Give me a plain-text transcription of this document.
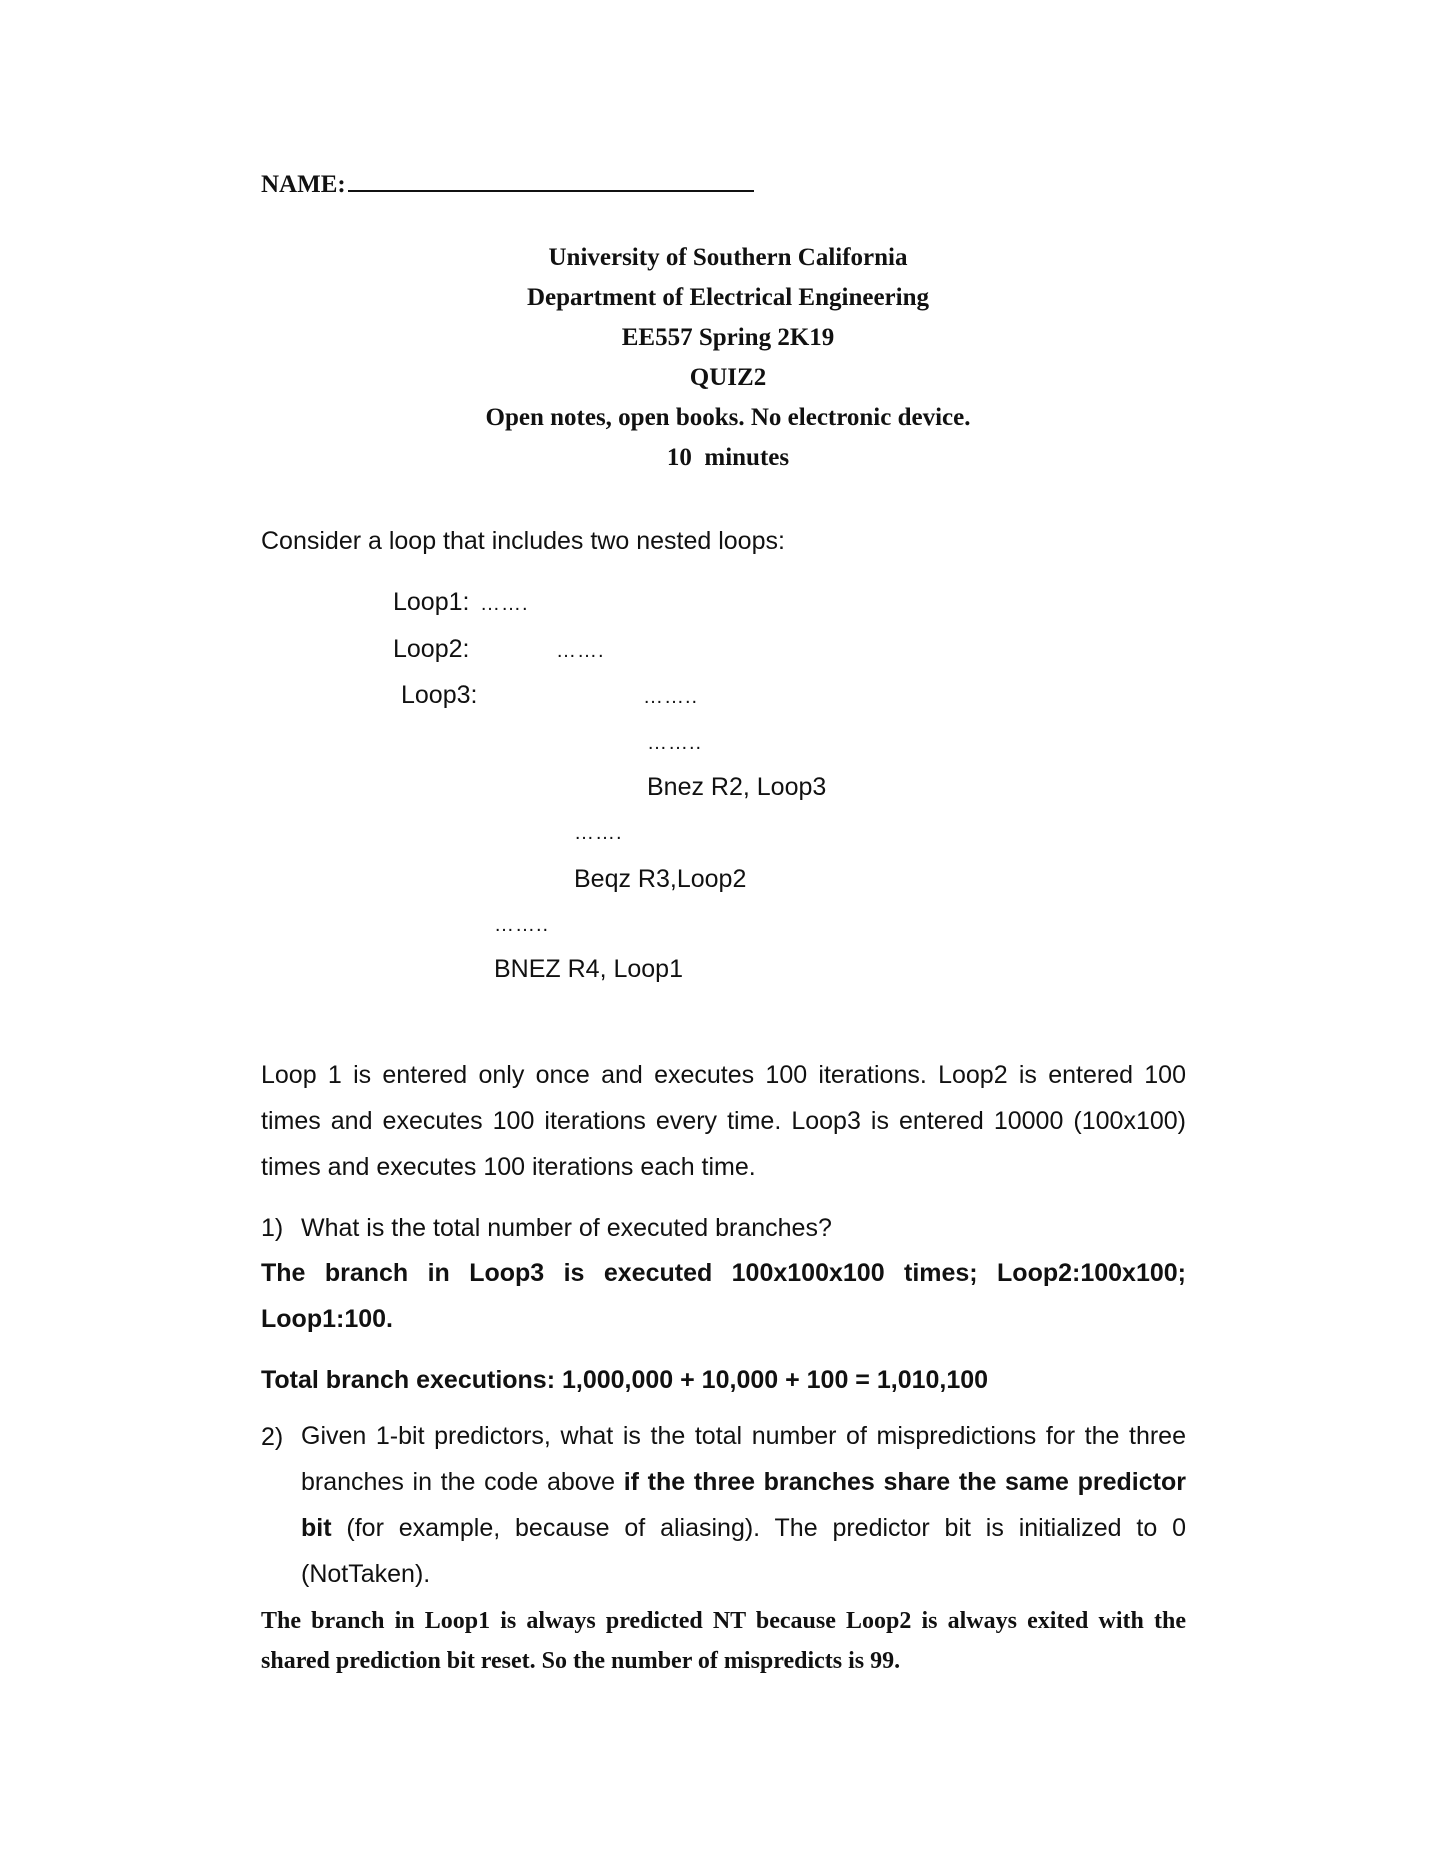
NAME:
University of Southern California
Department of Electrical Engineering
EE557 Spring 2K19
QUIZ2
Open notes, open books. No electronic device.
10  minutes
Consider a loop that includes two nested loops:
Loop1: …….
Loop2:	…….
Loop3:	……..
……..
Bnez R2, Loop3
…….
Beqz R3,Loop2
……..
BNEZ R4, Loop1
Loop 1 is entered only once and executes 100 iterations. Loop2 is entered 100 times and executes 100 iterations every time. Loop3 is entered 10000 (100x100) times and executes 100 iterations each time.
1) What is the total number of executed branches?
The branch in Loop3 is executed 100x100x100 times; Loop2:100x100; Loop1:100.
Total branch executions: 1,000,000 + 10,000 + 100 = 1,010,100
2) Given 1-bit predictors, what is the total number of mispredictions for the three branches in the code above if the three branches share the same predictor bit (for example, because of aliasing). The predictor bit is initialized to 0 (NotTaken).
The branch in Loop1 is always predicted NT because Loop2 is always exited with the shared prediction bit reset. So the number of mispredicts is 99.
